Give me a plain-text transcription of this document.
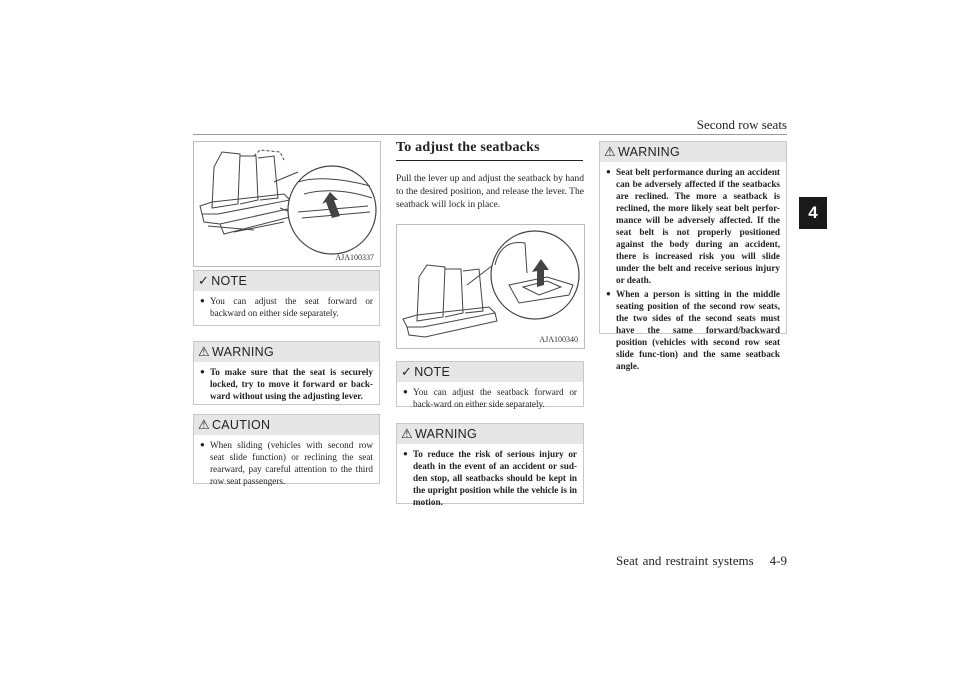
Second row seats
4
AJA100337
✓ NOTE
● You can adjust the seat forward or backward on either side separately.
⚠ WARNING
● To make sure that the seat is securely locked, try to move it forward or back-ward without using the adjusting lever.
⚠ CAUTION
● When sliding (vehicles with second row seat slide function) or reclining the seat rearward, pay careful attention to the third row seat passengers.
To adjust the seatbacks
Pull the lever up and adjust the seatback by hand to the desired position, and release the lever. The seatback will lock in place.
AJA100340
✓ NOTE
● You can adjust the seatback forward or back-ward on either side separately.
⚠ WARNING
● To reduce the risk of serious injury or death in the event of an accident or sud-den stop, all seatbacks should be kept in the upright position while the vehicle is in motion.
⚠ WARNING
● Seat belt performance during an accident can be adversely affected if the seatbacks are reclined. The more a seatback is reclined, the more likely seat belt perfor-mance will be adversely affected. If the seat belt is not properly positioned against the body during an accident, there is increased risk you will slide under the belt and receive serious injury or death.
● When a person is sitting in the middle seating position of the second row seats, the two sides of the second seats must have the same forward/backward position (vehicles with second row seat slide func-tion) and the same seatback angle.
Seat and restraint systems 4-9
